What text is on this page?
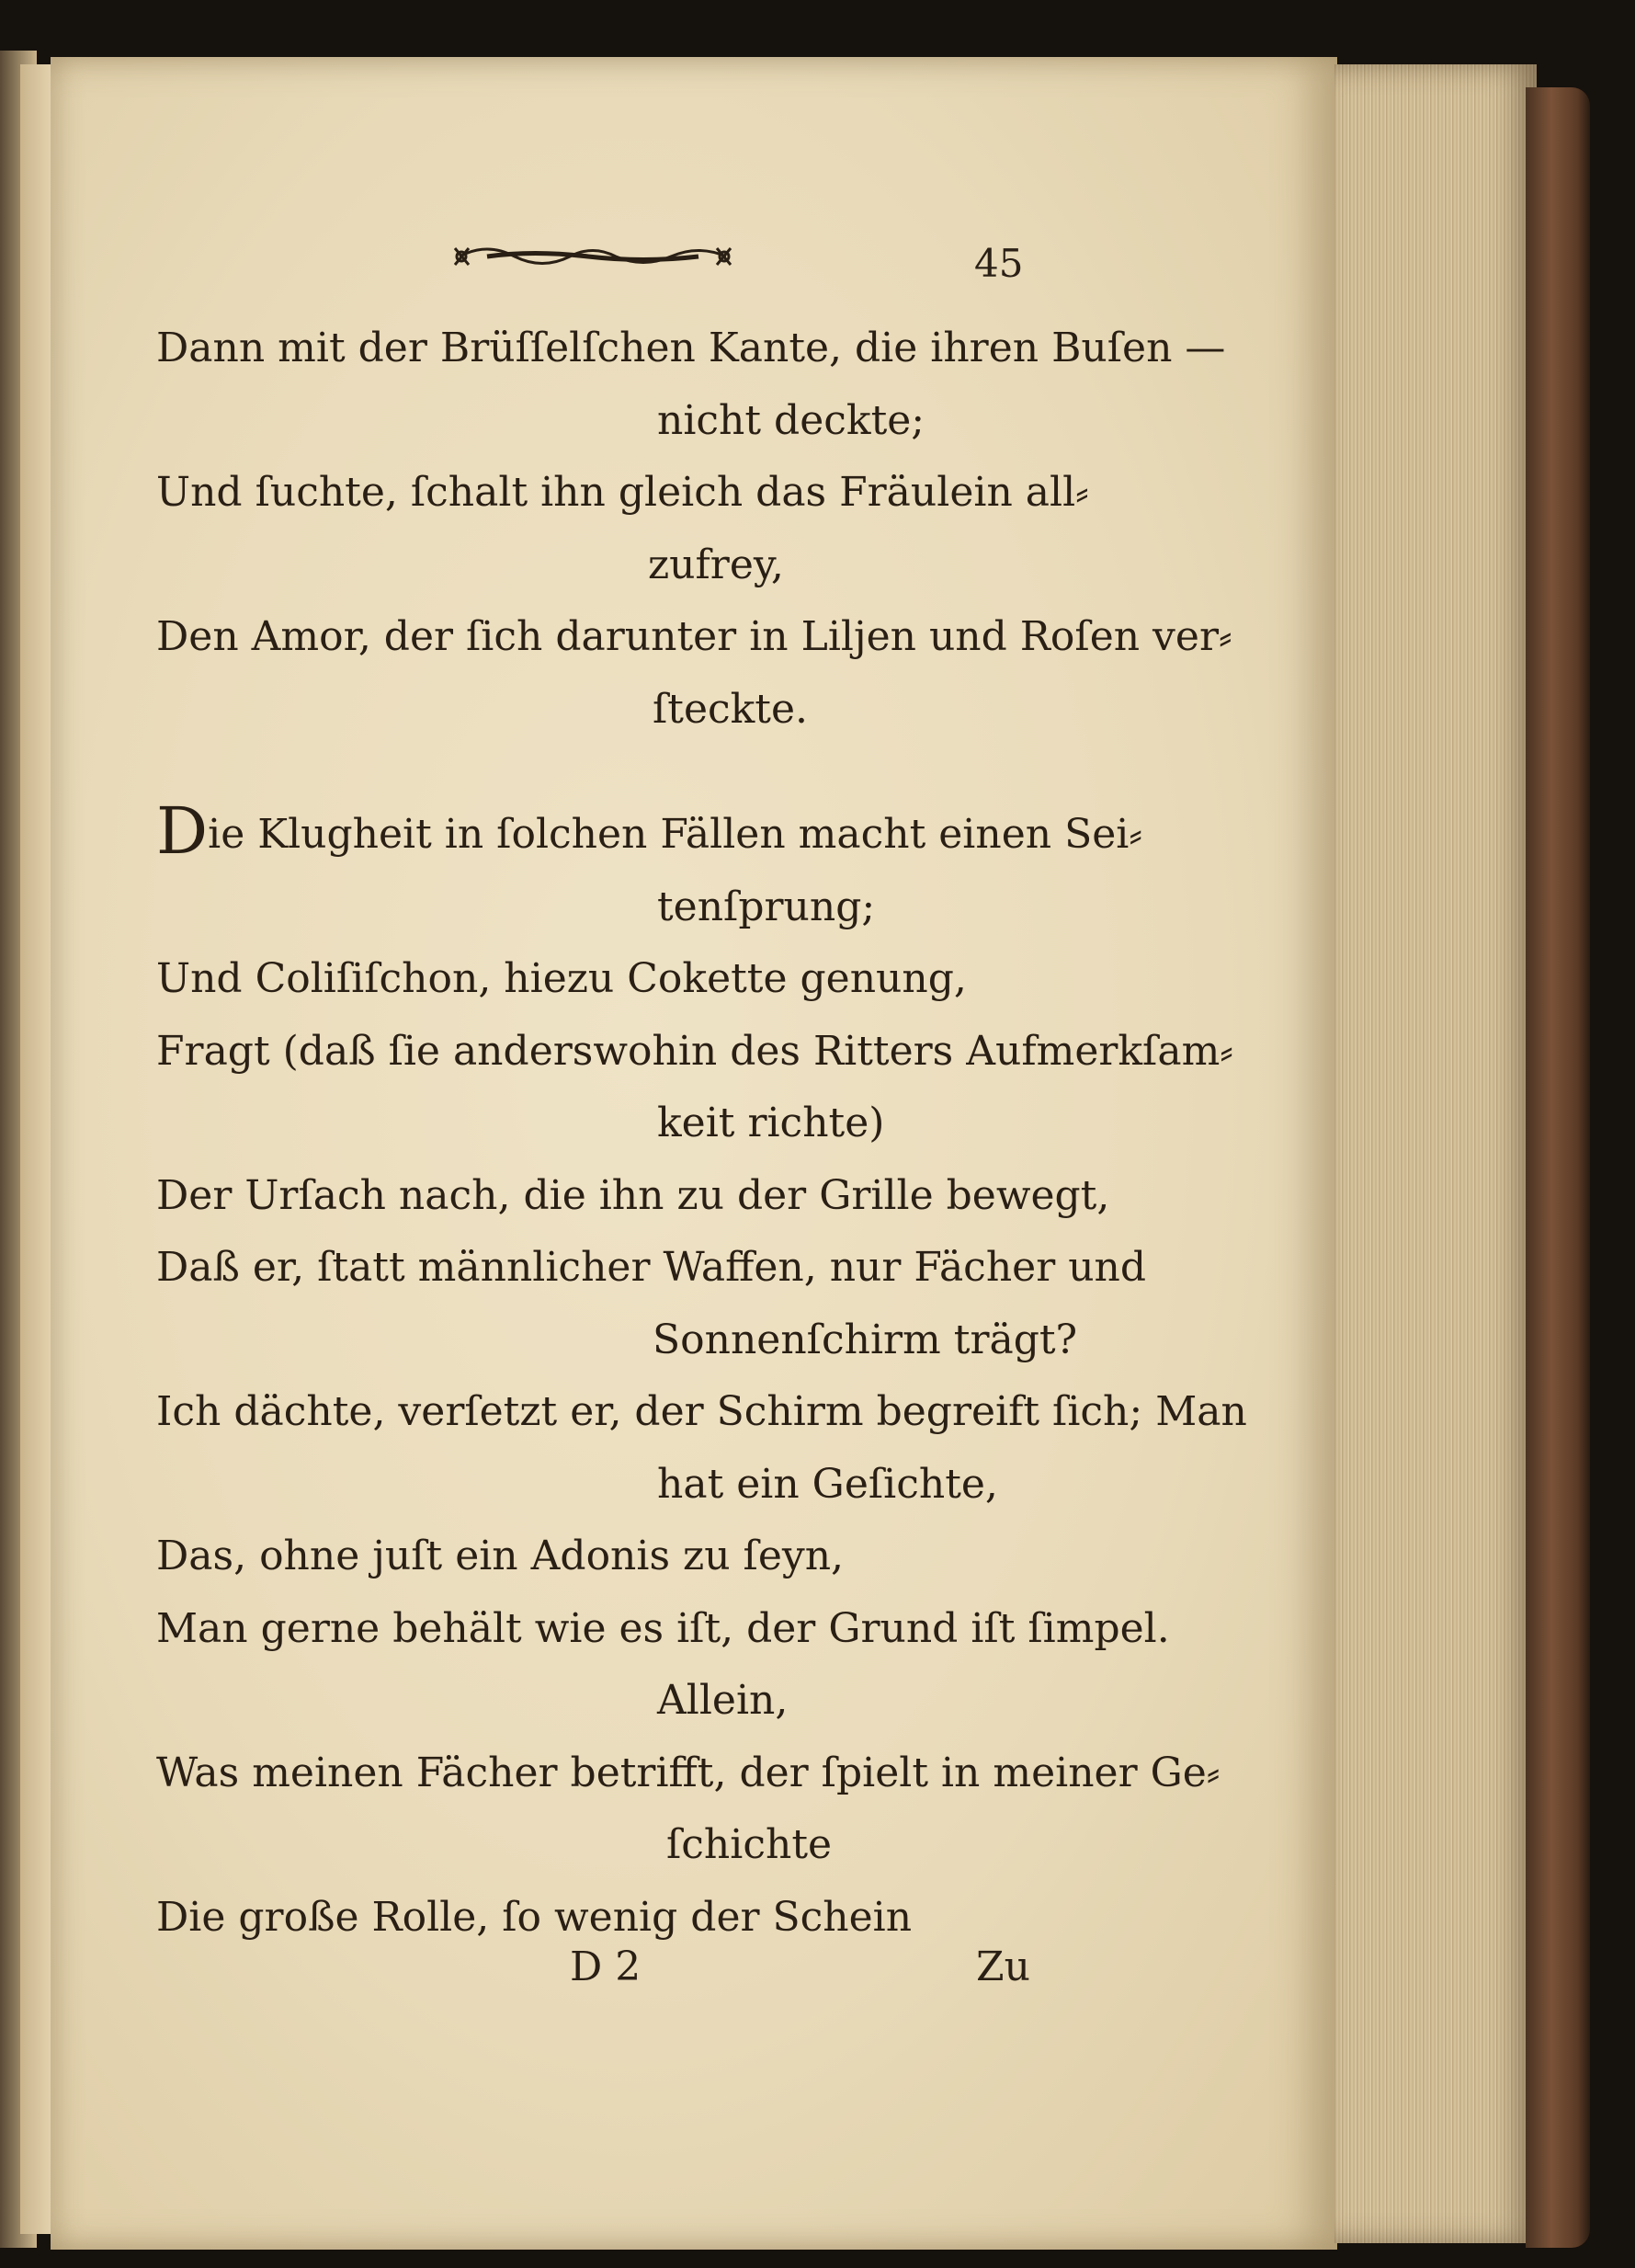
45
Dann mit der Brüſſelſchen Kante, die ihren Buſen —
nicht deckte;
Und ſuchte, ſchalt ihn gleich das Fräulein all⸗
zufrey,
Den Amor, der ſich darunter in Liljen und Roſen ver⸗
ſteckte.
Die Klugheit in ſolchen Fällen macht einen Sei⸗
tenſprung;
Und Coliſiſchon, hiezu Cokette genung,
Fragt (daß ſie anderswohin des Ritters Aufmerkſam⸗
keit richte)
Der Urſach nach, die ihn zu der Grille bewegt,
Daß er, ſtatt männlicher Waffen, nur Fächer und
Sonnenſchirm trägt?
Ich dächte, verſetzt er, der Schirm begreift ſich; Man
hat ein Geſichte,
Das, ohne juſt ein Adonis zu ſeyn,
Man gerne behält wie es iſt, der Grund iſt ſimpel.
Allein,
Was meinen Fächer betrifft, der ſpielt in meiner Ge⸗
ſchichte
Die große Rolle, ſo wenig der Schein
D 2	Zu
